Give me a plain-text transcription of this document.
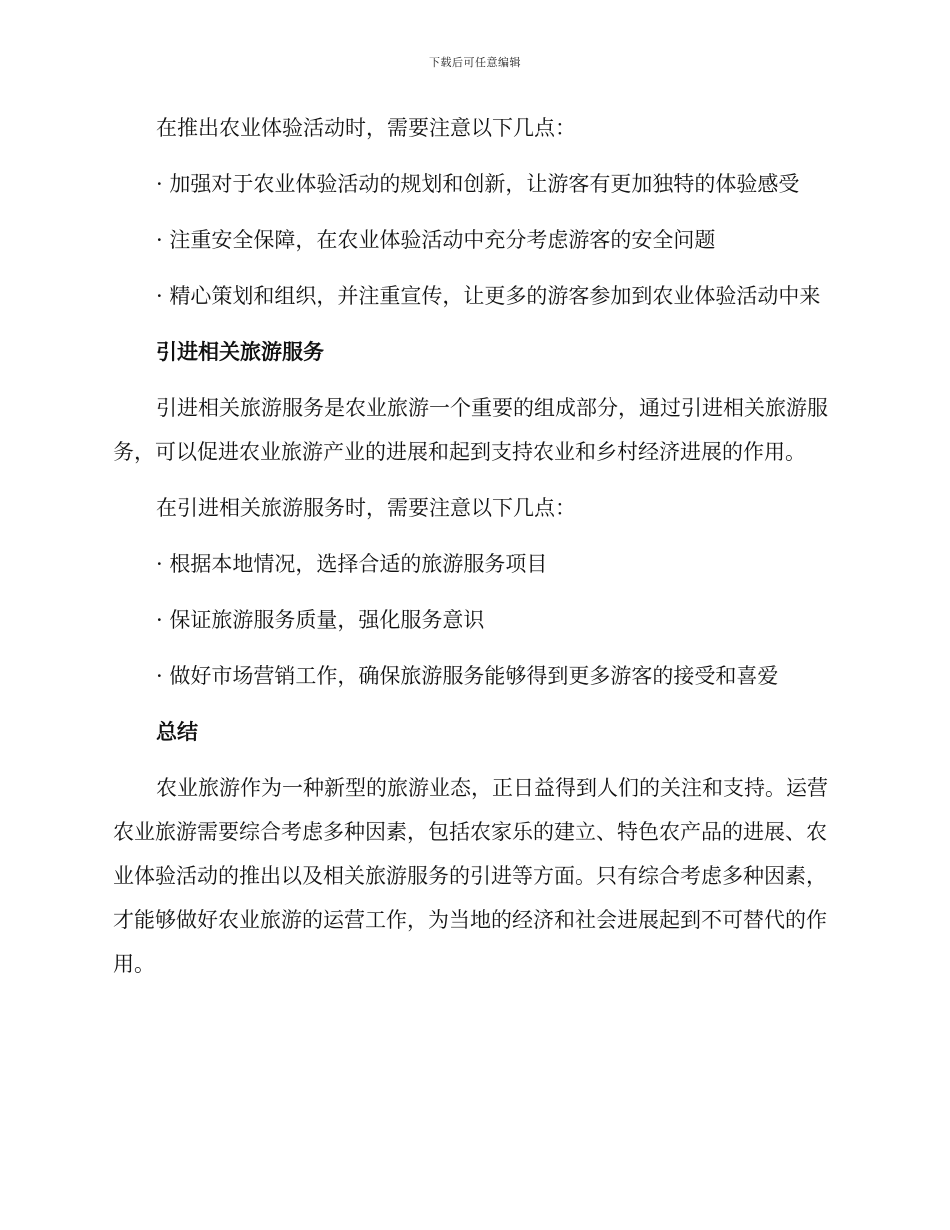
下载后可任意编辑

在推出农业体验活动时，需要注意以下几点：

· 加强对于农业体验活动的规划和创新，让游客有更加独特的体验感受

· 注重安全保障，在农业体验活动中充分考虑游客的安全问题

· 精心策划和组织，并注重宣传，让更多的游客参加到农业体验活动中来

引进相关旅游服务

引进相关旅游服务是农业旅游一个重要的组成部分，通过引进相关旅游服务，可以促进农业旅游产业的进展和起到支持农业和乡村经济进展的作用。

在引进相关旅游服务时，需要注意以下几点：

· 根据本地情况，选择合适的旅游服务项目

· 保证旅游服务质量，强化服务意识

· 做好市场营销工作，确保旅游服务能够得到更多游客的接受和喜爱

总结

农业旅游作为一种新型的旅游业态，正日益得到人们的关注和支持。运营农业旅游需要综合考虑多种因素，包括农家乐的建立、特色农产品的进展、农业体验活动的推出以及相关旅游服务的引进等方面。只有综合考虑多种因素，才能够做好农业旅游的运营工作，为当地的经济和社会进展起到不可替代的作用。
